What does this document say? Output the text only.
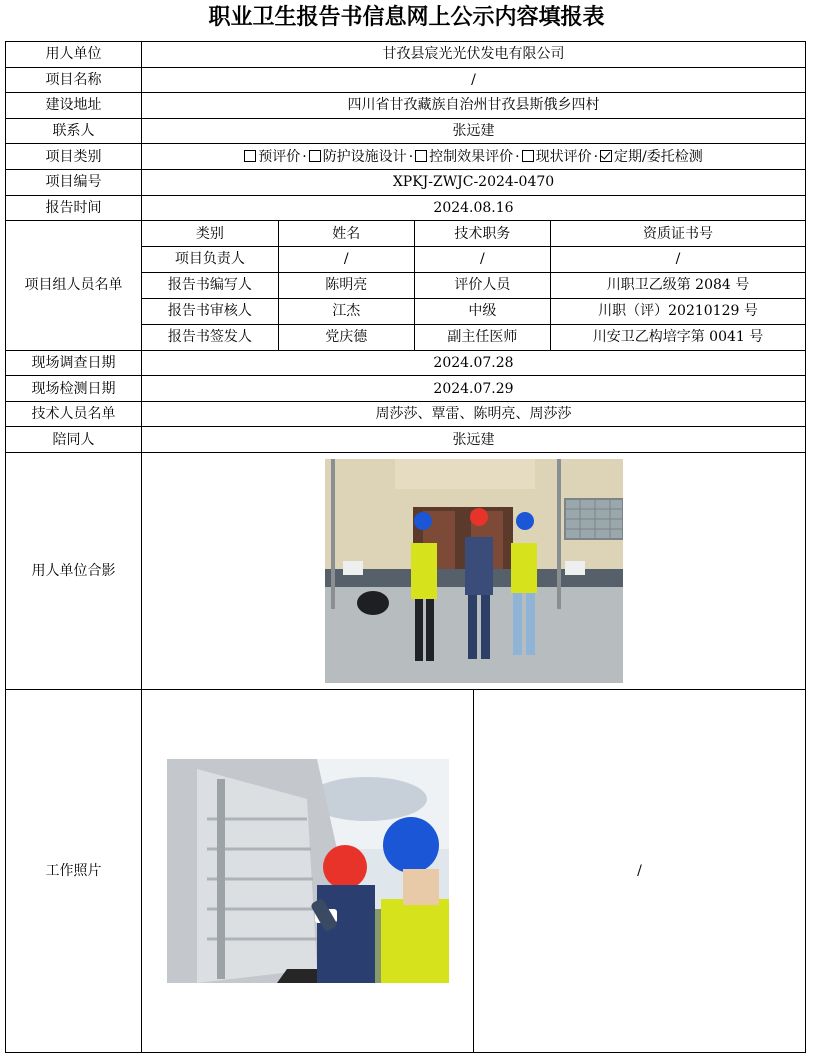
职业卫生报告书信息网上公示内容填报表
用人单位	甘孜县宸光光伏发电有限公司
项目名称	/
建设地址	四川省甘孜藏族自治州甘孜县斯俄乡四村
联系人	张远建
项目类别	预评价 · 防护设施设计 · 控制效果评价 · 现状评价 · 定期/委托检测
项目编号	XPKJ-ZWJC-2024-0470
报告时间	2024.08.16
项目组人员名单	
类别	姓名	技术职务	资质证书号
项目负责人	/	/	/
报告书编写人	陈明亮	评价人员	川职卫乙级第 2084 号
报告书审核人	江杰	中级	川职（评）20210129 号
报告书签发人	党庆德	副主任医师	川安卫乙构培字第 0041 号

现场调查日期	2024.07.28
现场检测日期	2024.07.29
技术人员名单	周莎莎、覃雷、陈明亮、周莎莎
陪同人	张远建
用人单位合影	
工作照片	
		/
